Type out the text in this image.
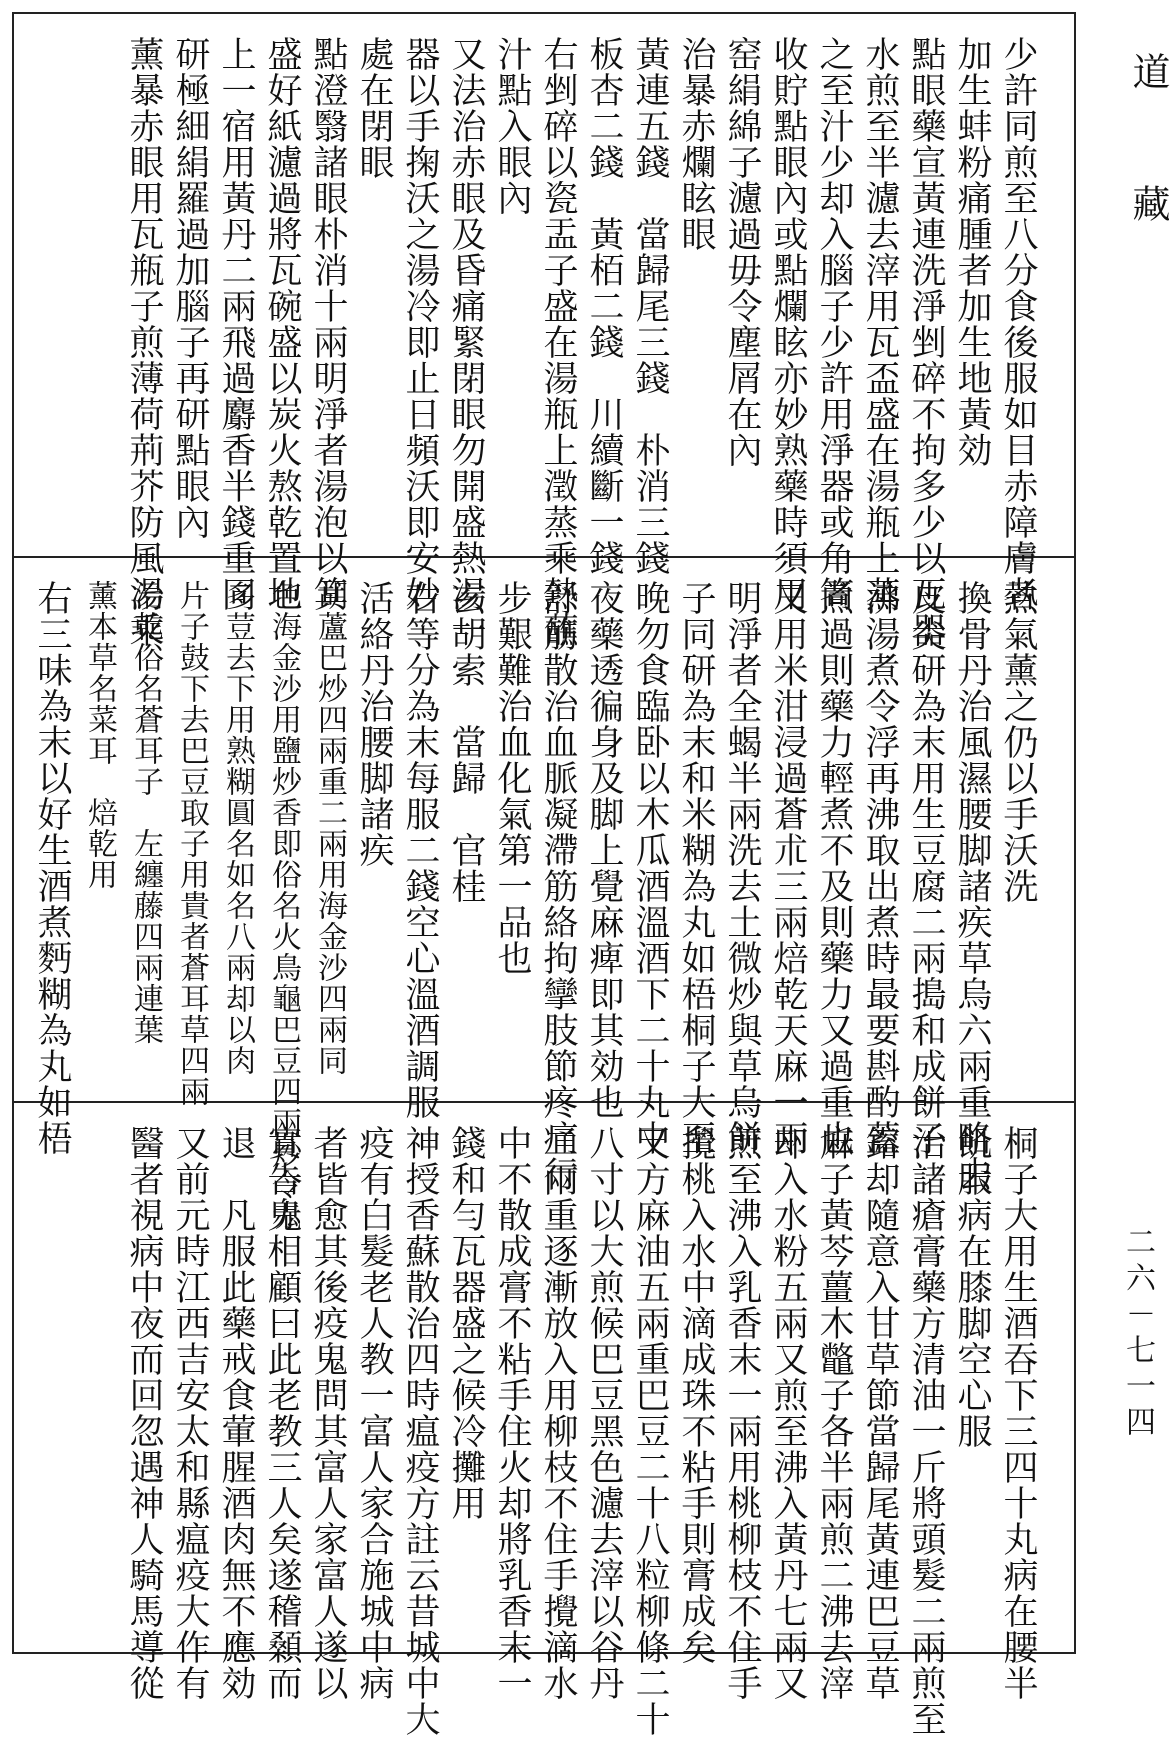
道　藏
二六－七一四
少許同煎至八分食後服如目赤障膚者
加生蚌粉痛腫者加生地黃効
點眼藥宣黃連洗淨剉碎不拘多少以瓦器
水煎至半濾去滓用瓦盃盛在湯瓶上蒸
之至汁少却入腦子少許用淨器或角筒
收貯點眼內或點爛眩亦妙熟藥時須用
窑絹綿子濾過毋令塵屑在內
治暴赤爛眩眼
黃連五錢　當歸尾三錢　朴消三錢
板杏二錢　黃栢二錢　川續斷一錢
右剉碎以瓷盂子盛在湯瓶上澂蒸乘熱蘸
汁點入眼內
又法治赤眼及昏痛緊閉眼勿開盛熱湯一
器以手掬沃之湯冷即止日頻沃即安妙
處在閉眼
點澄翳諸眼朴消十兩明淨者湯泡以箕
盛好紙濾過將瓦碗盛以炭火熬乾置地
上一宿用黃丹二兩飛過麝香半錢重同
研極細絹羅過加腦子再研點眼內
薰暴赤眼用瓦瓶子煎薄荷荊芥防風湯乘
熱氣薰之仍以手沃洗
換骨丹治風濕腰脚諸疾草烏六兩重略去
皮尖研為末用生豆腐二兩搗和成餅子
沸湯煮令浮再沸取出煮時最要斟酌蓋
煮過則藥力輕煮不及則藥力又過重也
又用米泔浸過蒼朮三兩焙乾天麻一兩
明淨者全蝎半兩洗去土微炒與草烏餅
子同研為末和米糊為丸如梧桐子大至
晚勿食臨卧以木瓜酒溫酒下二十丸中
夜藥透徧身及脚上覺麻痺即其効也
舒筋散治血脈凝滯筋絡拘攣肢節疼痛行
步艱難治血化氣第一品也
玄胡索　當歸　官桂
右等分為末每服二錢空心溫酒調服
活絡丹治腰脚諸疾
胡蘆巴炒四兩重二兩用海金沙四兩同
色海金沙用鹽炒香即俗名火鳥龜巴豆四兩炒令赤
多荳去下用熟糊圓名如名八兩却以肉
片子鼓下去巴豆取子用貴者蒼耳草四兩
治乾俗名蒼耳子　左纏藤四兩連葉
薰本草名菜耳　焙乾用
右三味為末以好生酒煮麪糊為丸如梧
桐子大用生酒吞下三四十丸病在腰半
飢服病在膝脚空心服
治諸瘡膏藥方清油一斤將頭髮二兩煎至
鎔却隨意入甘草節當歸尾黃連巴豆草
麻子黃芩薑木鼈子各半兩煎二沸去滓
却入水粉五兩又煎至沸入黃丹七兩又
煎至沸入乳香末一兩用桃柳枝不住手
攪桃入水中滴成珠不粘手則膏成矣
又方麻油五兩重巴豆二十八粒柳條二十
八寸以大煎候巴豆黑色濾去滓以谷丹
二兩重逐漸放入用柳枝不住手攪滴水
中不散成膏不粘手住火却將乳香末一
錢和勻瓦器盛之候冷攤用
神授香蘇散治四時瘟疫方註云昔城中大
疫有白髮老人教一富人家合施城中病
者皆愈其後疫鬼問其富人家富人遂以
實告鬼相顧曰此老教三人矣遂稽顙而
退　凡服此藥戒食葷腥酒肉無不應効
又前元時江西吉安太和縣瘟疫大作有
醫者視病中夜而回忽遇神人騎馬導從
